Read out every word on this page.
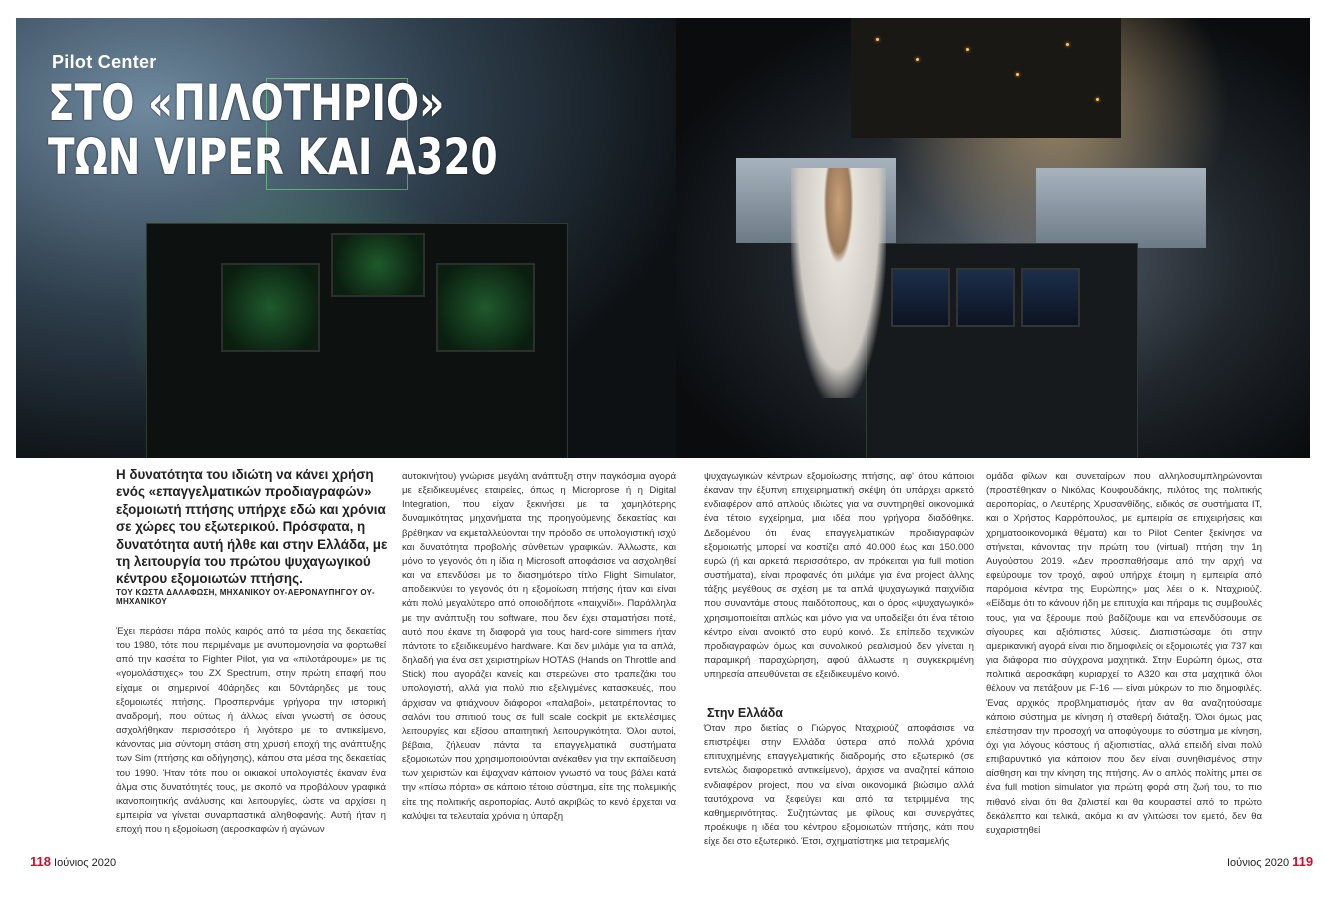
Pilot Center
ΣΤΟ «ΠΙΛΟΤΗΡΙΟ»
ΤΩΝ VIPER ΚΑΙ A320
Η δυνατότητα του ιδιώτη να κάνει χρήση ενός «επαγγελματικών προδιαγραφών» εξομοιωτή πτήσης υπήρχε εδώ και χρόνια σε χώρες του εξωτερικού. Πρόσφατα, η δυνατότητα αυτή ήλθε και στην Ελλάδα, με τη λειτουργία του πρώτου ψυχαγωγικού κέντρου εξομοιωτών πτήσης.
ΤΟΥ ΚΩΣΤΑ ΔΑΛΑΦΩΣΗ, ΜΗΧΑΝΙΚΟΥ ΟΥ-ΑΕΡΟΝΑΥΠΗΓΟΥ ΟΥ-ΜΗΧΑΝΙΚΟΥ
Έχει περάσει πάρα πολύς καιρός από τα μέσα της δεκαετίας του 1980, τότε που περιμέναμε με ανυπομονησία να φορτωθεί από την κασέτα το Fighter Pilot, για να «πιλοτάρουμε» με τις «γομολάστιχες» του ZX Spectrum, στην πρώτη επαφή που είχαμε οι σημερινοί 40άρηδες και 50ντάρηδες με τους εξομοιωτές πτήσης. Προσπερνάμε γρήγορα την ιστορική αναδρομή, που ούτως ή άλλως είναι γνωστή σε όσους ασχολήθηκαν περισσότερο ή λιγότερο με το αντικείμενο, κάνοντας μια σύντομη στάση στη χρυσή εποχή της ανάπτυξης των Sim (πτήσης και οδήγησης), κάπου στα μέσα της δεκαετίας του 1990. Ήταν τότε που οι οικιακοί υπολογιστές έκαναν ένα άλμα στις δυνατότητές τους, με σκοπό να προβάλουν γραφικά ικανοποιητικής ανάλυσης και λειτουργίες, ώστε να αρχίσει η εμπειρία να γίνεται συναρπαστικά αληθοφανής. Αυτή ήταν η εποχή που η εξομοίωση (αεροσκαφών ή αγώνων
αυτοκινήτου) γνώρισε μεγάλη ανάπτυξη στην παγκόσμια αγορά με εξειδικευμένες εταιρείες, όπως η Microprose ή η Digital Integration, που είχαν ξεκινήσει με τα χαμηλότερης δυναμικότητας μηχανήματα της προηγούμενης δεκαετίας και βρέθηκαν να εκμεταλλεύονται την πρόοδο σε υπολογιστική ισχύ και δυνατότητα προβολής σύνθετων γραφικών. Άλλωστε, και μόνο το γεγονός ότι η ίδια η Microsoft αποφάσισε να ασχοληθεί και να επενδύσει με το διασημότερο τίτλο Flight Simulator, αποδεικνύει το γεγονός ότι η εξομοίωση πτήσης ήταν και είναι κάτι πολύ μεγαλύτερο από οποιοδήποτε «παιχνίδι». Παράλληλα με την ανάπτυξη του software, που δεν έχει σταματήσει ποτέ, αυτό που έκανε τη διαφορά για τους hard-core simmers ήταν πάντοτε το εξειδικευμένο hardware. Και δεν μιλάμε για τα απλά, δηλαδή για ένα σετ χειριστηρίων HOTAS (Hands on Throttle and Stick) που αγοράζει κανείς και στερεώνει στο τραπεζάκι του υπολογιστή, αλλά για πολύ πιο εξελιγμένες κατασκευές, που άρχισαν να φτιάχνουν διάφοροι «παλαβοί», μετατρέποντας το σαλόνι του σπιτιού τους σε full scale cockpit με εκτελέσιμες λειτουργίες και εξίσου απαιτητική λειτουργικότητα. Όλοι αυτοί, βέβαια, ζήλευαν πάντα τα επαγγελματικά συστήματα εξομοιωτών που χρησιμοποιούνται ανέκαθεν για την εκπαίδευση των χειριστών και έψαχναν κάποιον γνωστό να τους βάλει κατά την «πίσω πόρτα» σε κάποιο τέτοιο σύστημα, είτε της πολεμικής είτε της πολιτικής αεροπορίας. Αυτό ακριβώς το κενό έρχεται να καλύψει τα τελευταία χρόνια η ύπαρξη
ψυχαγωγικών κέντρων εξομοίωσης πτήσης, αφ' ότου κάποιοι έκαναν την έξυπνη επιχειρηματική σκέψη ότι υπάρχει αρκετό ενδιαφέρον από απλούς ιδιώτες για να συντηρηθεί οικονομικά ένα τέτοιο εγχείρημα, μια ιδέα που γρήγορα διαδόθηκε. Δεδομένου ότι ένας επαγγελματικών προδιαγραφών εξομοιωτής μπορεί να κοστίζει από 40.000 έως και 150.000 ευρώ (ή και αρκετά περισσότερο, αν πρόκειται για full motion συστήματα), είναι προφανές ότι μιλάμε για ένα project άλλης τάξης μεγέθους σε σχέση με τα απλά ψυχαγωγικά παιχνίδια που συναντάμε στους παιδότοπους, και ο όρος «ψυχαγωγικό» χρησιμοποιείται απλώς και μόνο για να υποδείξει ότι ένα τέτοιο κέντρο είναι ανοικτό στο ευρύ κοινό. Σε επίπεδο τεχνικών προδιαγραφών όμως και συνολικού ρεαλισμού δεν γίνεται η παραμικρή παραχώρηση, αφού άλλωστε η συγκεκριμένη υπηρεσία απευθύνεται σε εξειδικευμένο κοινό.
Στην Ελλάδα
Όταν προ διετίας ο Γιώργος Νταχριούζ αποφάσισε να επιστρέψει στην Ελλάδα ύστερα από πολλά χρόνια επιτυχημένης επαγγελματικής διαδρομής στο εξωτερικό (σε εντελώς διαφορετικό αντικείμενο), άρχισε να αναζητεί κάποιο ενδιαφέρον project, που να είναι οικονομικά βιώσιμο αλλά ταυτόχρονα να ξεφεύγει και από τα τετριμμένα της καθημερινότητας. Συζητώντας με φίλους και συνεργάτες προέκυψε η ιδέα του κέντρου εξομοιωτών πτήσης, κάτι που είχε δει στο εξωτερικό. Έτσι, σχηματίστηκε μια τετραμελής
ομάδα φίλων και συνεταίρων που αλληλοσυμπληρώνονται (προστέθηκαν ο Νικόλας Κουφουδάκης, πιλότος της πολιτικής αεροπορίας, ο Λευτέρης Χρυσανθίδης, ειδικός σε συστήματα IT, και ο Χρήστος Καρρόπουλος, με εμπειρία σε επιχειρήσεις και χρηματοοικονομικά θέματα) και το Pilot Center ξεκίνησε να στήνεται, κάνοντας την πρώτη του (virtual) πτήση την 1η Αυγούστου 2019. «Δεν προσπαθήσαμε από την αρχή να εφεύρουμε τον τροχό, αφού υπήρχε έτοιμη η εμπειρία από παρόμοια κέντρα της Ευρώπης» μας λέει ο κ. Νταχριούζ. «Είδαμε ότι το κάνουν ήδη με επιτυχία και πήραμε τις συμβουλές τους, για να ξέρουμε πού βαδίζουμε και να επενδύσουμε σε σίγουρες και αξιόπιστες λύσεις. Διαπιστώσαμε ότι στην αμερικανική αγορά είναι πιο δημοφιλείς οι εξομοιωτές για 737 και για διάφορα πιο σύγχρονα μαχητικά. Στην Ευρώπη όμως, στα πολιτικά αεροσκάφη κυριαρχεί το A320 και στα μαχητικά όλοι θέλουν να πετάξουν με F-16 — είναι μύκρων το πιο δημοφιλές. Ένας αρχικός προβληματισμός ήταν αν θα αναζητούσαμε κάποιο σύστημα με κίνηση ή σταθερή διάταξη. Όλοι όμως μας επέστησαν την προσοχή να αποφύγουμε το σύστημα με κίνηση, όχι για λόγους κόστους ή αξιοπιστίας, αλλά επειδή είναι πολύ επιβαρυντικό για κάποιον που δεν είναι συνηθισμένος στην αίσθηση και την κίνηση της πτήσης. Αν ο απλός πολίτης μπει σε ένα full motion simulator για πρώτη φορά στη ζωή του, το πιο πιθανό είναι ότι θα ζαλιστεί και θα κουραστεί από το πρώτο δεκάλεπτο και τελικά, ακόμα κι αν γλιτώσει τον εμετό, δεν θα ευχαριστηθεί
118 Ιούνιος 2020	Ιούνιος 2020 119
